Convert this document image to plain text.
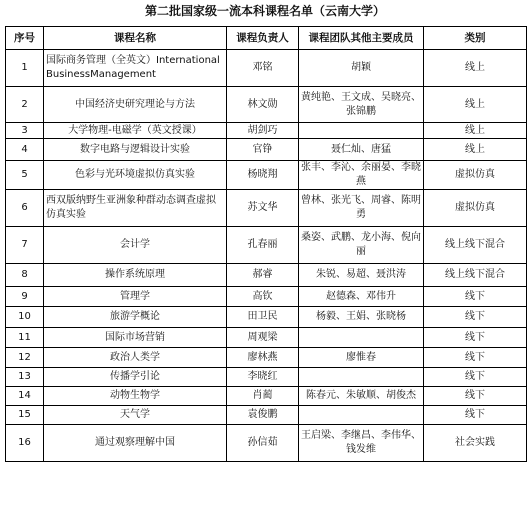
第二批国家级一流本科课程名单（云南大学）
序号	课程名称	课程负责人	课程团队其他主要成员	类别
1	国际商务管理（全英文）International BusinessManagement	邓铭	胡颖	线上
2	中国经济史研究理论与方法	林文勋	黄纯艳、王文成、吴晓亮、张锦鹏	线上
3	大学物理-电磁学（英文授课）	胡剑巧		线上
4	数字电路与逻辑设计实验	官铮	聂仁灿、唐猛	线上
5	色彩与光环境虚拟仿真实验	杨晓翔	张丰、李沁、余丽晏、李晓燕	虚拟仿真
6	西双版纳野生亚洲象种群动态调查虚拟仿真实验	苏文华	曾林、张光飞、周睿、陈明勇	虚拟仿真
7	会计学	孔春丽	桑姿、武鹏、龙小海、倪向丽	线上线下混合
8	操作系统原理	郝睿	朱锐、易超、聂洪涛	线上线下混合
9	管理学	高钦	赵德森、邓伟升	线下
10	旅游学概论	田卫民	杨毅、王娟、张晓杨	线下
11	国际市场营销	周观梁		线下
12	政治人类学	廖林燕	廖惟春	线下
13	传播学引论	李晓红		线下
14	动物生物学	肖蔺	陈春元、朱敏顺、胡俊杰	线下
15	天气学	袁俊鹏		线下
16	通过观察理解中国	孙信茹	王启梁、李继昌、李伟华、钱发维	社会实践
